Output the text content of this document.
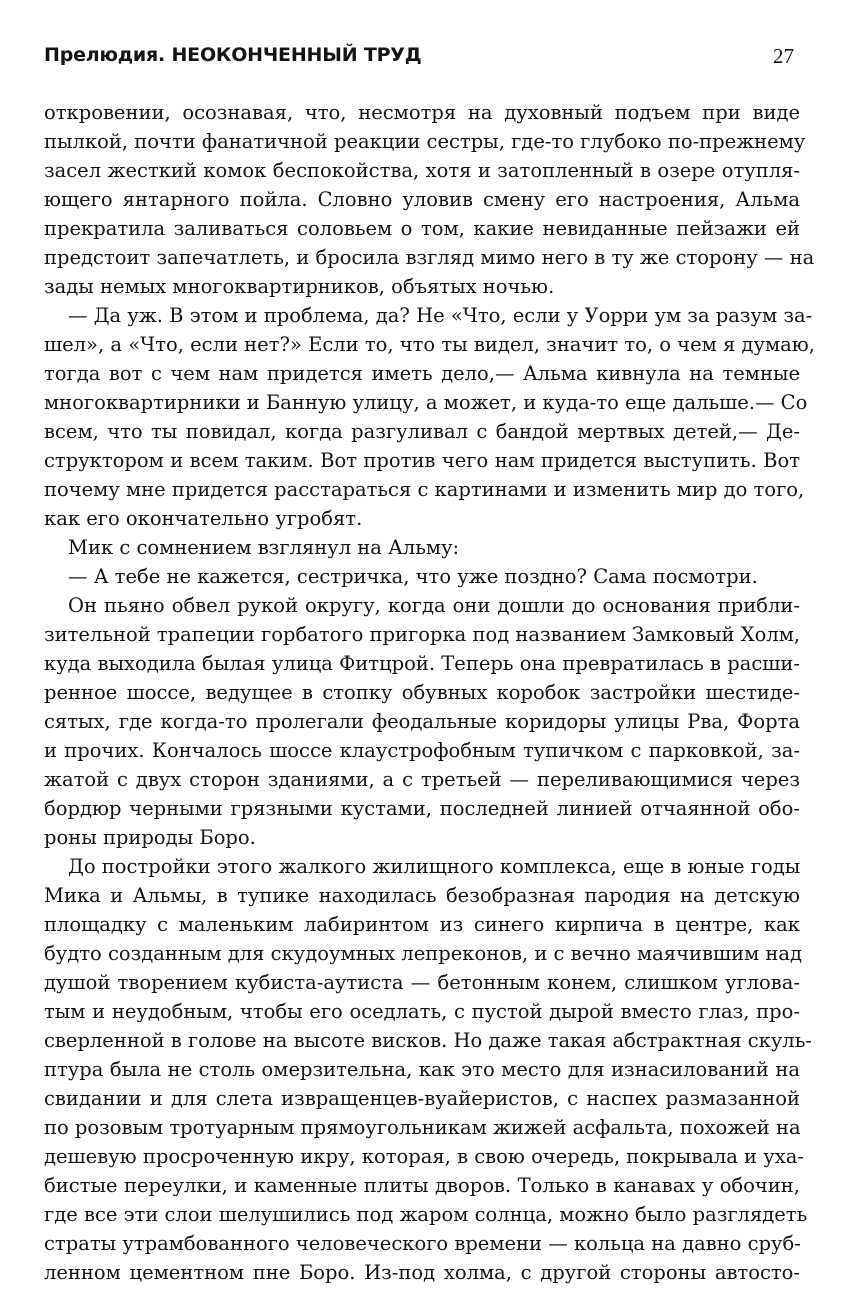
Прелюдия. НЕОКОНЧЕННЫЙ ТРУД	27
откровении, осознавая, что, несмотря на духовный подъем при виде
пылкой, почти фанатичной реакции сестры, где-то глубоко по-прежнему
засел жесткий комок беспокойства, хотя и затопленный в озере отупля-
ющего янтарного пойла. Словно уловив смену его настроения, Альма
прекратила заливаться соловьем о том, какие невиданные пейзажи ей
предстоит запечатлеть, и бросила взгляд мимо него в ту же сторону — на
зады немых многоквартирников, объятых ночью.
— Да уж. В этом и проблема, да? Не «Что, если у Уорри ум за разум за-
шел», а «Что, если нет?» Если то, что ты видел, значит то, о чем я думаю,
тогда вот с чем нам придется иметь дело,— Альма кивнула на темные
многоквартирники и Банную улицу, а может, и куда-то еще дальше.— Со
всем, что ты повидал, когда разгуливал с бандой мертвых детей,— Де-
структором и всем таким. Вот против чего нам придется выступить. Вот
почему мне придется расстараться с картинами и изменить мир до того,
как его окончательно угробят.
Мик с сомнением взглянул на Альму:
— А тебе не кажется, сестричка, что уже поздно? Сама посмотри.
Он пьяно обвел рукой округу, когда они дошли до основания прибли-
зительной трапеции горбатого пригорка под названием Замковый Холм,
куда выходила былая улица Фитцрой. Теперь она превратилась в расши-
ренное шоссе, ведущее в стопку обувных коробок застройки шестиде-
сятых, где когда-то пролегали феодальные коридоры улицы Рва, Форта
и прочих. Кончалось шоссе клаустрофобным тупичком с парковкой, за-
жатой с двух сторон зданиями, а с третьей — переливающимися через
бордюр черными грязными кустами, последней линией отчаянной обо-
роны природы Боро.
До постройки этого жалкого жилищного комплекса, еще в юные годы
Мика и Альмы, в тупике находилась безобразная пародия на детскую
площадку с маленьким лабиринтом из синего кирпича в центре, как
будто созданным для скудоумных лепреконов, и с вечно маячившим над
душой творением кубиста-аутиста — бетонным конем, слишком углова-
тым и неудобным, чтобы его оседлать, с пустой дырой вместо глаз, про-
сверленной в голове на высоте висков. Но даже такая абстрактная скуль-
птура была не столь омерзительна, как это место для изнасилований на
свидании и для слета извращенцев-вуайеристов, с наспех размазанной
по розовым тротуарным прямоугольникам жижей асфальта, похожей на
дешевую просроченную икру, которая, в свою очередь, покрывала и уха-
бистые переулки, и каменные плиты дворов. Только в канавах у обочин,
где все эти слои шелушились под жаром солнца, можно было разглядеть
страты утрамбованного человеческого времени — кольца на давно сруб-
ленном цементном пне Боро. Из-под холма, с другой стороны автосто-
